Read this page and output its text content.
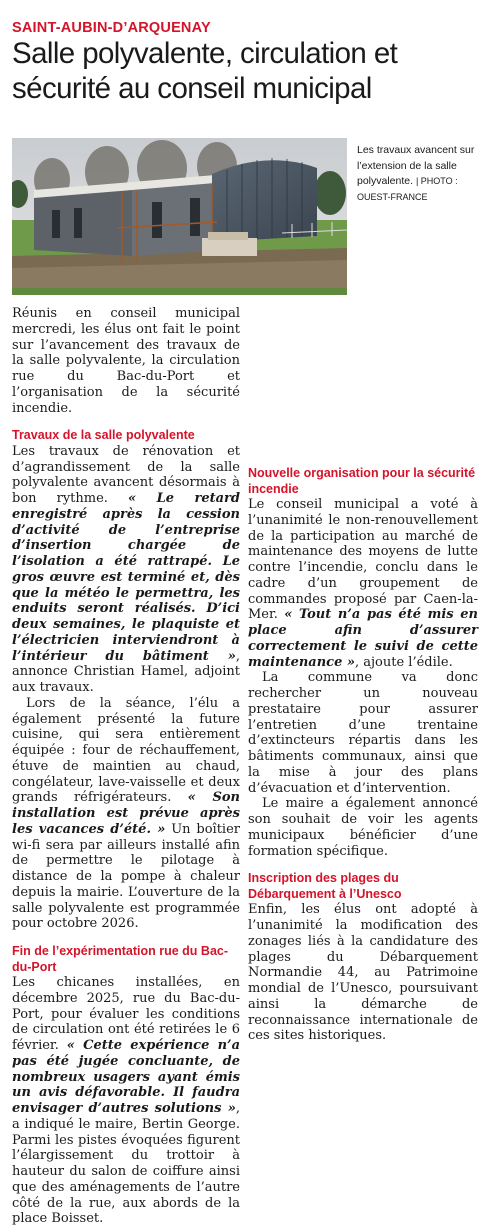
SAINT-AUBIN-D’ARQUENAY
Salle polyvalente, circulation et sécurité au conseil municipal
Les travaux avancent sur l’extension de la salle polyvalente. | PHOTO : OUEST-FRANCE

Réunis en conseil municipal mercredi, les élus ont fait le point sur l’avancement des travaux de la salle polyvalente, la circulation rue du Bac-du-Port et l’organisation de la sécurité incendie.

Travaux de la salle polyvalente

Les travaux de rénovation et d’agrandissement de la salle polyvalente avancent désormais à bon rythme. « Le retard enregistré après la cession d’activité de l’entreprise d’insertion chargée de l’isolation a été rattrapé. Le gros œuvre est terminé et, dès que la météo le permettra, les enduits seront réalisés. D’ici deux semaines, le plaquiste et l’électricien interviendront à l’intérieur du bâtiment », annonce Christian Hamel, adjoint aux travaux.

Lors de la séance, l’élu a également présenté la future cuisine, qui sera entièrement équipée : four de réchauffement, étuve de maintien au chaud, congélateur, lave-vaisselle et deux grands réfrigérateurs. « Son installation est prévue après les vacances d’été. » Un boîtier wi-fi sera par ailleurs installé afin de permettre le pilotage à distance de la pompe à chaleur depuis la mairie. L’ouverture de la salle polyvalente est programmée pour octobre 2026.

Fin de l’expérimentation rue du Bac-du-Port

Les chicanes installées, en décembre 2025, rue du Bac-du-Port, pour évaluer les conditions de circulation ont été retirées le 6 février. « Cette expérience n’a pas été jugée concluante, de nombreux usagers ayant émis un avis défavorable. Il faudra envisager d’autres solutions », a indiqué le maire, Bertin George. Parmi les pistes évoquées figurent l’élargissement du trottoir à hauteur du salon de coiffure ainsi que des aménagements de l’autre côté de la rue, aux abords de la place Boisset.

Nouvelle organisation pour la sécurité incendie

Le conseil municipal a voté à l’unanimité le non-renouvellement de la participation au marché de maintenance des moyens de lutte contre l’incendie, conclu dans le cadre d’un groupement de commandes proposé par Caen-la-Mer. « Tout n’a pas été mis en place afin d’assurer correctement le suivi de cette maintenance », ajoute l’édile.

La commune va donc rechercher un nouveau prestataire pour assurer l’entretien d’une trentaine d’extincteurs répartis dans les bâtiments communaux, ainsi que la mise à jour des plans d’évacuation et d’intervention.

Le maire a également annoncé son souhait de voir les agents municipaux bénéficier d’une formation spécifique.

Inscription des plages du Débarquement à l’Unesco

Enfin, les élus ont adopté à l’unanimité la modification des zonages liés à la candidature des plages du Débarquement Normandie 44, au Patrimoine mondial de l’Unesco, poursuivant ainsi la démarche de reconnaissance internationale de ces sites historiques.
